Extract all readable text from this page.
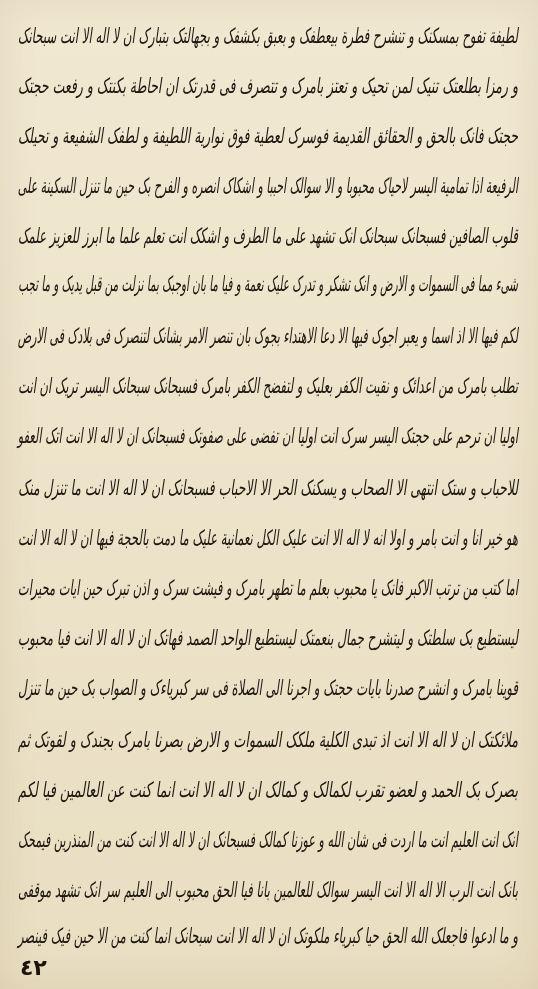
لطیفة تفوح بمسکنک و تنشرح فطرة بیعطفک و بعبق بکشفک و بجهالتک بتبارک ان لا اله الا انت سبحانک
و رمزا بطلعتک تنیک لمن تحیک و تعتز بامرک و تتصرف فی قدرتک ان احاطة بکنتک و رفعت حجتک
حجتک فانک بالحق و الحقائق القدیمة فوسرک لعطیة فوق نواریة اللطیفة و لطفک الشفیعة و تحیلک
الرفیعة اذا تمامیة الیسر لاحیاک محبوبا و الا سوالک احببا و اشکاک انصره و الفرح بک حین ما تنزل السکینة علی
قلوب الصافین فسبحانک سبحانک انک تشهد علی ما الطرف و اشکک انت تعلم علما ما ابرز للعزیز علمک
شیء مما فی السموات و الارض و انک تشکر و تدرک علیک نعمة و فیا ما بان اوجبک بما نزلت من قبل یدیک و ما تجب
لکم فیها الا اذ اسما و یعبر اجوک فیها الا دعا الاهتداء بجوک بان تنصر الامر بشانک لتنصرک فی بلادک فی الارض
تطلب بامرک من اعدائک و نقیت الکفر بعلیک و لتفضح الکفر بامرک فسبحانک سبحانک الیسر تریک ان انت
اولیا ان ترحم علی حجتک الیسر سرک انت اولیا ان تفضی علی صفوتک فسبحانک ان لا اله الا انت اتک العفو
للاحباب و ستک انتهی الا الصحاب و یسکنک الحر الا الاحباب فسبحانک ان لا اله الا انت ما تنزل منک
هو خیر انا و انت بامر و اولا انه لا اله الا انت علیک الکل نعمانیة علیک ما دمت بالحجة فیها ان لا اله الا انت
اما کتب من ترتب الاکبر فانک یا محبوب بعلم ما تطهر بامرک و فیشت سرک و اذن تبرک حین ایات محیرات
لیستطیع بک سلطتک و لیتشرح جمال بنعمتک لیستطیع الواحد الصمد فهاتک ان لا اله الا انت فیا محبوب
قوینا بامرک و انشرح صدرنا بایات حجتک و اجرنا الی الصلاة فی سر کبریاءک و الصواب بک حین ما تنزل
ملائکتک ان لا اله الا انت اذ تبدی الکلیة ملکک السموات و الارض بصرنا بامرک بجندک و لقوتک ثم
بصرک بک الحمد و لعضو تقرب لکمالک و کمالک ان لا اله الا انت انما کنت عن العالمین فیا لکم
انک انت العلیم انت ما اردت فی شان الله و عوزنا کمالک فسبحانک ان لا اله الا انت کنت من المنذرین فیمحک
بانک انت الرب الا اله الا انت الیسر سوالک للعالمین بانا فیا الحق محبوب الی العلیم سر انک تشهد موقفی
و ما ادعوا فاجعلک الله الحق حیا کبریاء ملکوتک ان لا اله الا انت سبحانک انما کنت من الا حین فیک فینصر
٤٢
